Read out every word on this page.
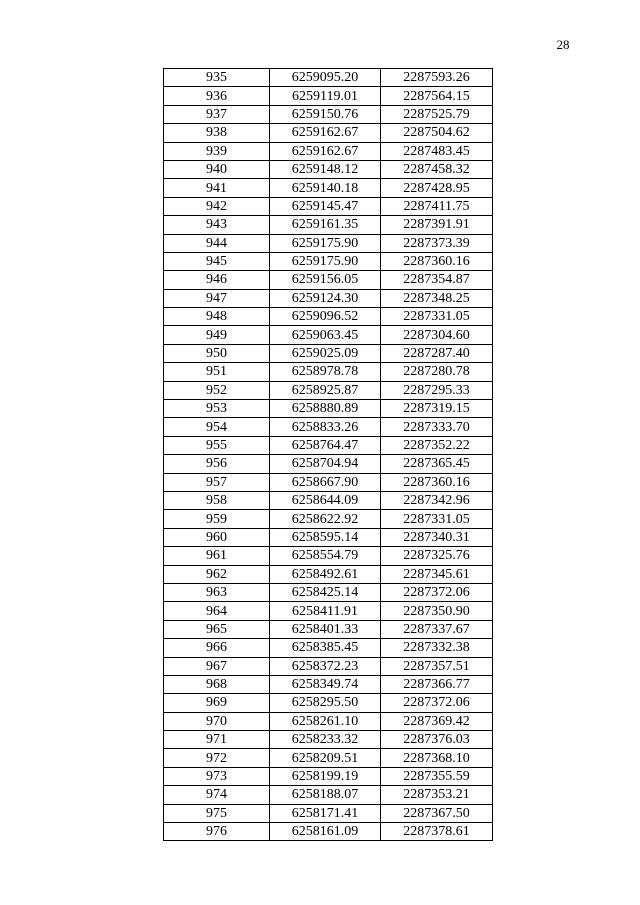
28
935	6259095.20	2287593.26
936	6259119.01	2287564.15
937	6259150.76	2287525.79
938	6259162.67	2287504.62
939	6259162.67	2287483.45
940	6259148.12	2287458.32
941	6259140.18	2287428.95
942	6259145.47	2287411.75
943	6259161.35	2287391.91
944	6259175.90	2287373.39
945	6259175.90	2287360.16
946	6259156.05	2287354.87
947	6259124.30	2287348.25
948	6259096.52	2287331.05
949	6259063.45	2287304.60
950	6259025.09	2287287.40
951	6258978.78	2287280.78
952	6258925.87	2287295.33
953	6258880.89	2287319.15
954	6258833.26	2287333.70
955	6258764.47	2287352.22
956	6258704.94	2287365.45
957	6258667.90	2287360.16
958	6258644.09	2287342.96
959	6258622.92	2287331.05
960	6258595.14	2287340.31
961	6258554.79	2287325.76
962	6258492.61	2287345.61
963	6258425.14	2287372.06
964	6258411.91	2287350.90
965	6258401.33	2287337.67
966	6258385.45	2287332.38
967	6258372.23	2287357.51
968	6258349.74	2287366.77
969	6258295.50	2287372.06
970	6258261.10	2287369.42
971	6258233.32	2287376.03
972	6258209.51	2287368.10
973	6258199.19	2287355.59
974	6258188.07	2287353.21
975	6258171.41	2287367.50
976	6258161.09	2287378.61
